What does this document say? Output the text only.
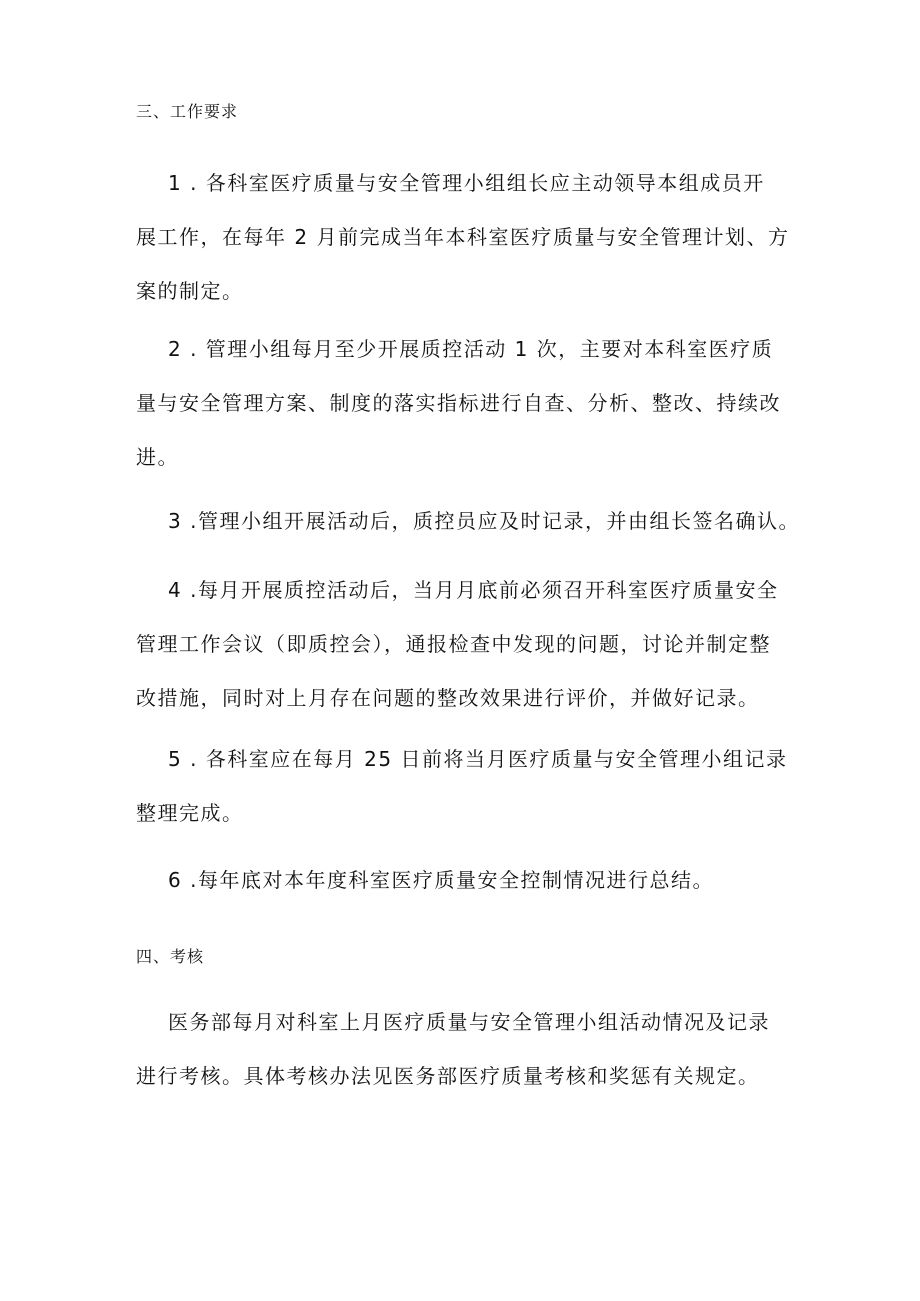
三、工作要求
1 . 各科室医疗质量与安全管理小组组长应主动领导本组成员开
展工作，在每年 2 月前完成当年本科室医疗质量与安全管理计划、方
案的制定。
2 . 管理小组每月至少开展质控活动 1 次，主要对本科室医疗质
量与安全管理方案、制度的落实指标进行自查、分析、整改、持续改
进。
3 .管理小组开展活动后，质控员应及时记录，并由组长签名确认。
4 .每月开展质控活动后，当月月底前必须召开科室医疗质量安全
管理工作会议（即质控会），通报检查中发现的问题，讨论并制定整
改措施，同时对上月存在问题的整改效果进行评价，并做好记录。
5 . 各科室应在每月 25 日前将当月医疗质量与安全管理小组记录
整理完成。
6 .每年底对本年度科室医疗质量安全控制情况进行总结。
四、考核
医务部每月对科室上月医疗质量与安全管理小组活动情况及记录
进行考核。具体考核办法见医务部医疗质量考核和奖惩有关规定。
